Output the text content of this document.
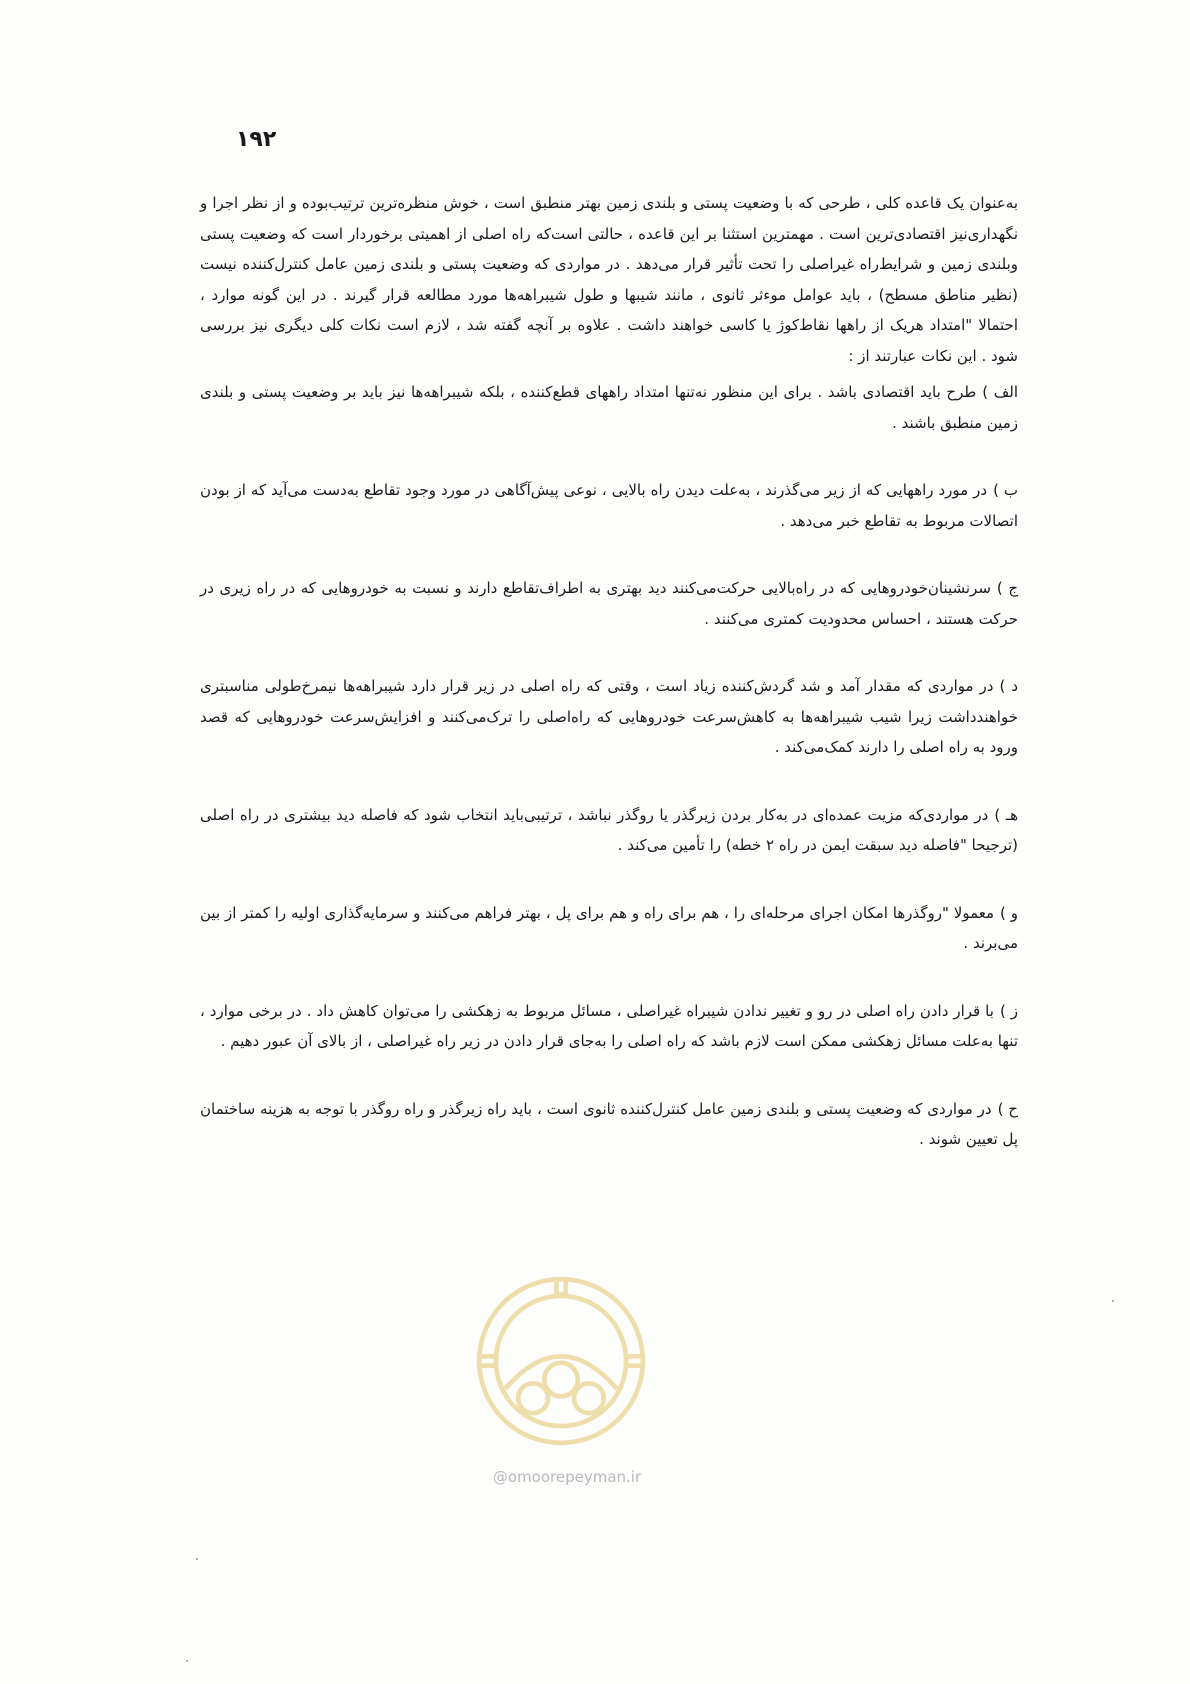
۱۹۲

به‌عنوان یک قاعده کلی ، طرحی که با وضعیت پستی و بلندی زمین بهتر منطبق است ، خوش منظره‌ترین ترتیب‌بوده و از نظر اجرا و نگهداری‌نیز اقتصادی‌ترین است . مهمترین استثنا بر این قاعده ، حالتی است‌که راه اصلی از اهمیتی برخوردار است که وضعیت پستی وبلندی زمین و شرایط‌راه غیراصلی را تحت تأثیر قرار می‌دهد . در مواردی که وضعیت پستی و بلندی زمین عامل کنترل‌کننده نیست (نظیر مناطق مسطح) ، باید عوامل موءثر ثانوی ، مانند شیبها و طول شیبراهه‌ها مورد مطالعه قرار گیرند . در این گونه موارد ، احتمالا "امتداد هریک از راهها نقاط‌کوژ یا کاسی خواهند داشت . علاوه بر آنچه گفته شد ، لازم است نکات کلی دیگری نیز بررسی شود . این نکات عبارتند از :

الف )طرح باید اقتصادی باشد . برای این منظور نه‌تنها امتداد راههای قطع‌کننده ، بلکه شیبراهه‌ها نیز باید بر وضعیت پستی و بلندی زمین منطبق باشند .

ب )در مورد راههایی که از زیر می‌گذرند ، به‌علت دیدن راه بالایی ، نوعی پیش‌آگاهی در مورد وجود تقاطع به‌دست می‌آید که از بودن اتصالات مربوط به تقاطع خبر می‌دهد .

ج )سرنشینان‌خودروهایی که در راه‌بالایی حرکت‌می‌کنند دید بهتری به اطراف‌تقاطع دارند و نسبت به خودروهایی که در راه زیری در حرکت هستند ، احساس محدودیت کمتری می‌کنند .

د )در مواردی که مقدار آمد و شد گردش‌کننده زیاد است ، وقتی که راه اصلی در زیر قرار دارد شیبراهه‌ها نیمرخ‌طولی مناسبتری خواهندداشت زیرا شیب شیبراهه‌ها به کاهش‌سرعت خودروهایی که راه‌اصلی را ترک‌می‌کنند و افزایش‌سرعت خودروهایی که قصد ورود به راه اصلی را دارند کمک‌می‌کند .

هـ )در مواردی‌که مزیت عمده‌ای در به‌کار بردن زیرگذر یا روگذر نباشد ، ترتیبی‌باید انتخاب شود که فاصله دید بیشتری در راه اصلی (ترجیحا "فاصله دید سبقت ایمن در راه ۲ خطه) را تأمین می‌کند .

و )معمولا "روگذرها امکان اجرای مرحله‌ای را ، هم برای راه و هم برای پل ، بهتر فراهم می‌کنند و سرمایه‌گذاری اولیه را کمتر از بین می‌برند .

ز )با قرار دادن راه اصلی در رو و تغییر ندادن شیبراه غیراصلی ، مسائل مربوط به زهکشی را می‌توان کاهش داد . در برخی موارد ، تنها به‌علت مسائل زهکشی ممکن است لازم باشد که راه اصلی را به‌جای قرار دادن در زیر راه غیراصلی ، از بالای آن عبور دهیم .

ح )در مواردی که وضعیت پستی و بلندی زمین عامل کنترل‌کننده ثانوی است ، باید راه زیرگذر و راه روگذر با توجه به هزینه ساختمان پل تعیین شوند .

@omoorepeyman.ir
